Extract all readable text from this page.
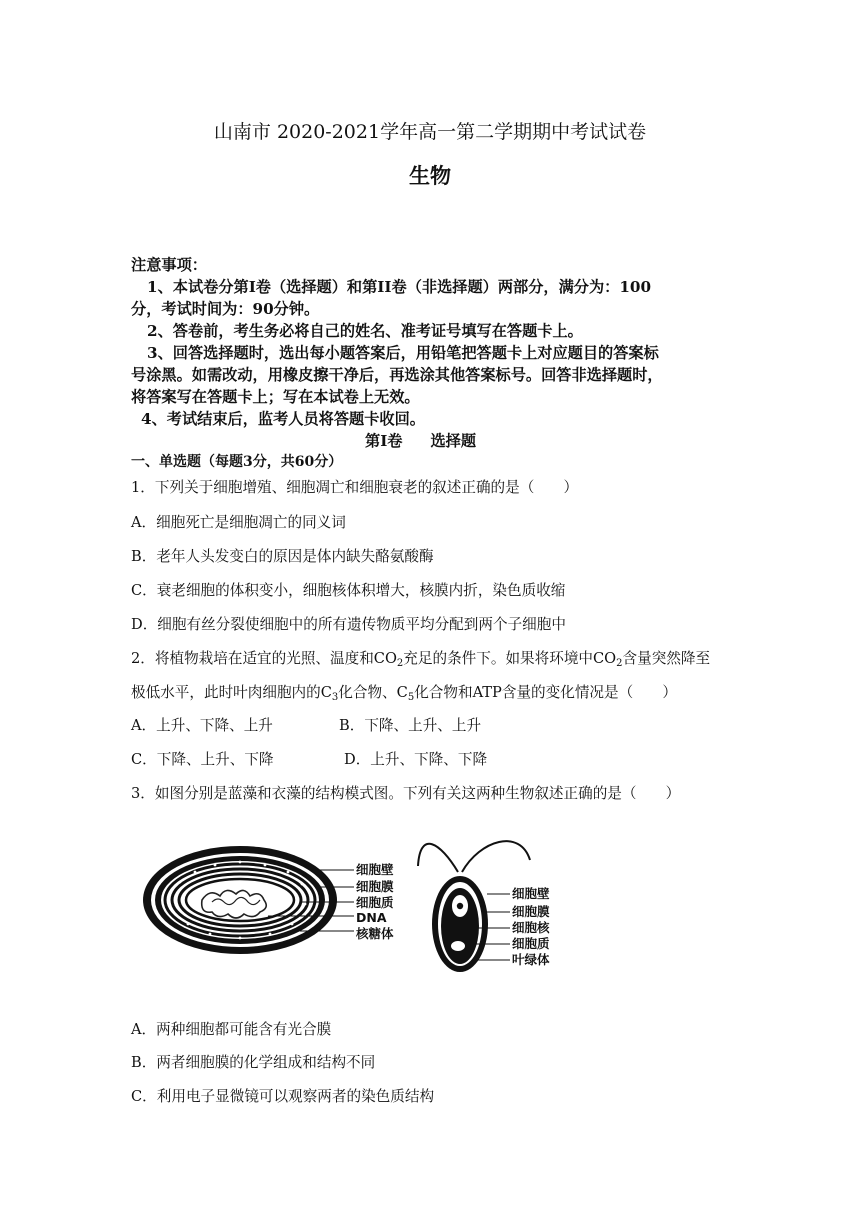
山南市 2020-2021学年高一第二学期期中考试试卷
生物
注意事项：
1、本试卷分第Ⅰ卷（选择题）和第II卷（非选择题）两部分，满分为：100
分，考试时间为：90分钟。
2、答卷前，考生务必将自己的姓名、准考证号填写在答题卡上。
3、回答选择题时，选出每小题答案后，用铅笔把答题卡上对应题目的答案标
号涂黑。如需改动，用橡皮擦干净后，再选涂其他答案标号。回答非选择题时，
将答案写在答题卡上；写在本试卷上无效。
4、考试结束后，监考人员将答题卡收回。
第Ⅰ卷 选择题
一、单选题（每题3分，共60分）
1．下列关于细胞增殖、细胞凋亡和细胞衰老的叙述正确的是（　　）
A．细胞死亡是细胞凋亡的同义词
B．老年人头发变白的原因是体内缺失酪氨酸酶
C．衰老细胞的体积变小，细胞核体积增大，核膜内折，染色质收缩
D．细胞有丝分裂使细胞中的所有遗传物质平均分配到两个子细胞中
2．将植物栽培在适宜的光照、温度和$CO_2$充足的条件下。如果将环境中$CO_2$含量突然降至
极低水平，此时叶肉细胞内的$C_3$化合物、$C_5$化合物和ATP含量的变化情况是（　　）
A．上升、下降、上升	B．下降、上升、上升
C．下降、上升、下降	D．上升、下降、下降
3．如图分别是蓝藻和衣藻的结构模式图。下列有关这两种生物叙述正确的是（　　）
细胞壁
细胞膜
细胞质
DNA
核糖体
细胞壁
细胞膜
细胞核
细胞质
叶绿体
A．两种细胞都可能含有光合膜
B．两者细胞膜的化学组成和结构不同
C．利用电子显微镜可以观察两者的染色质结构
